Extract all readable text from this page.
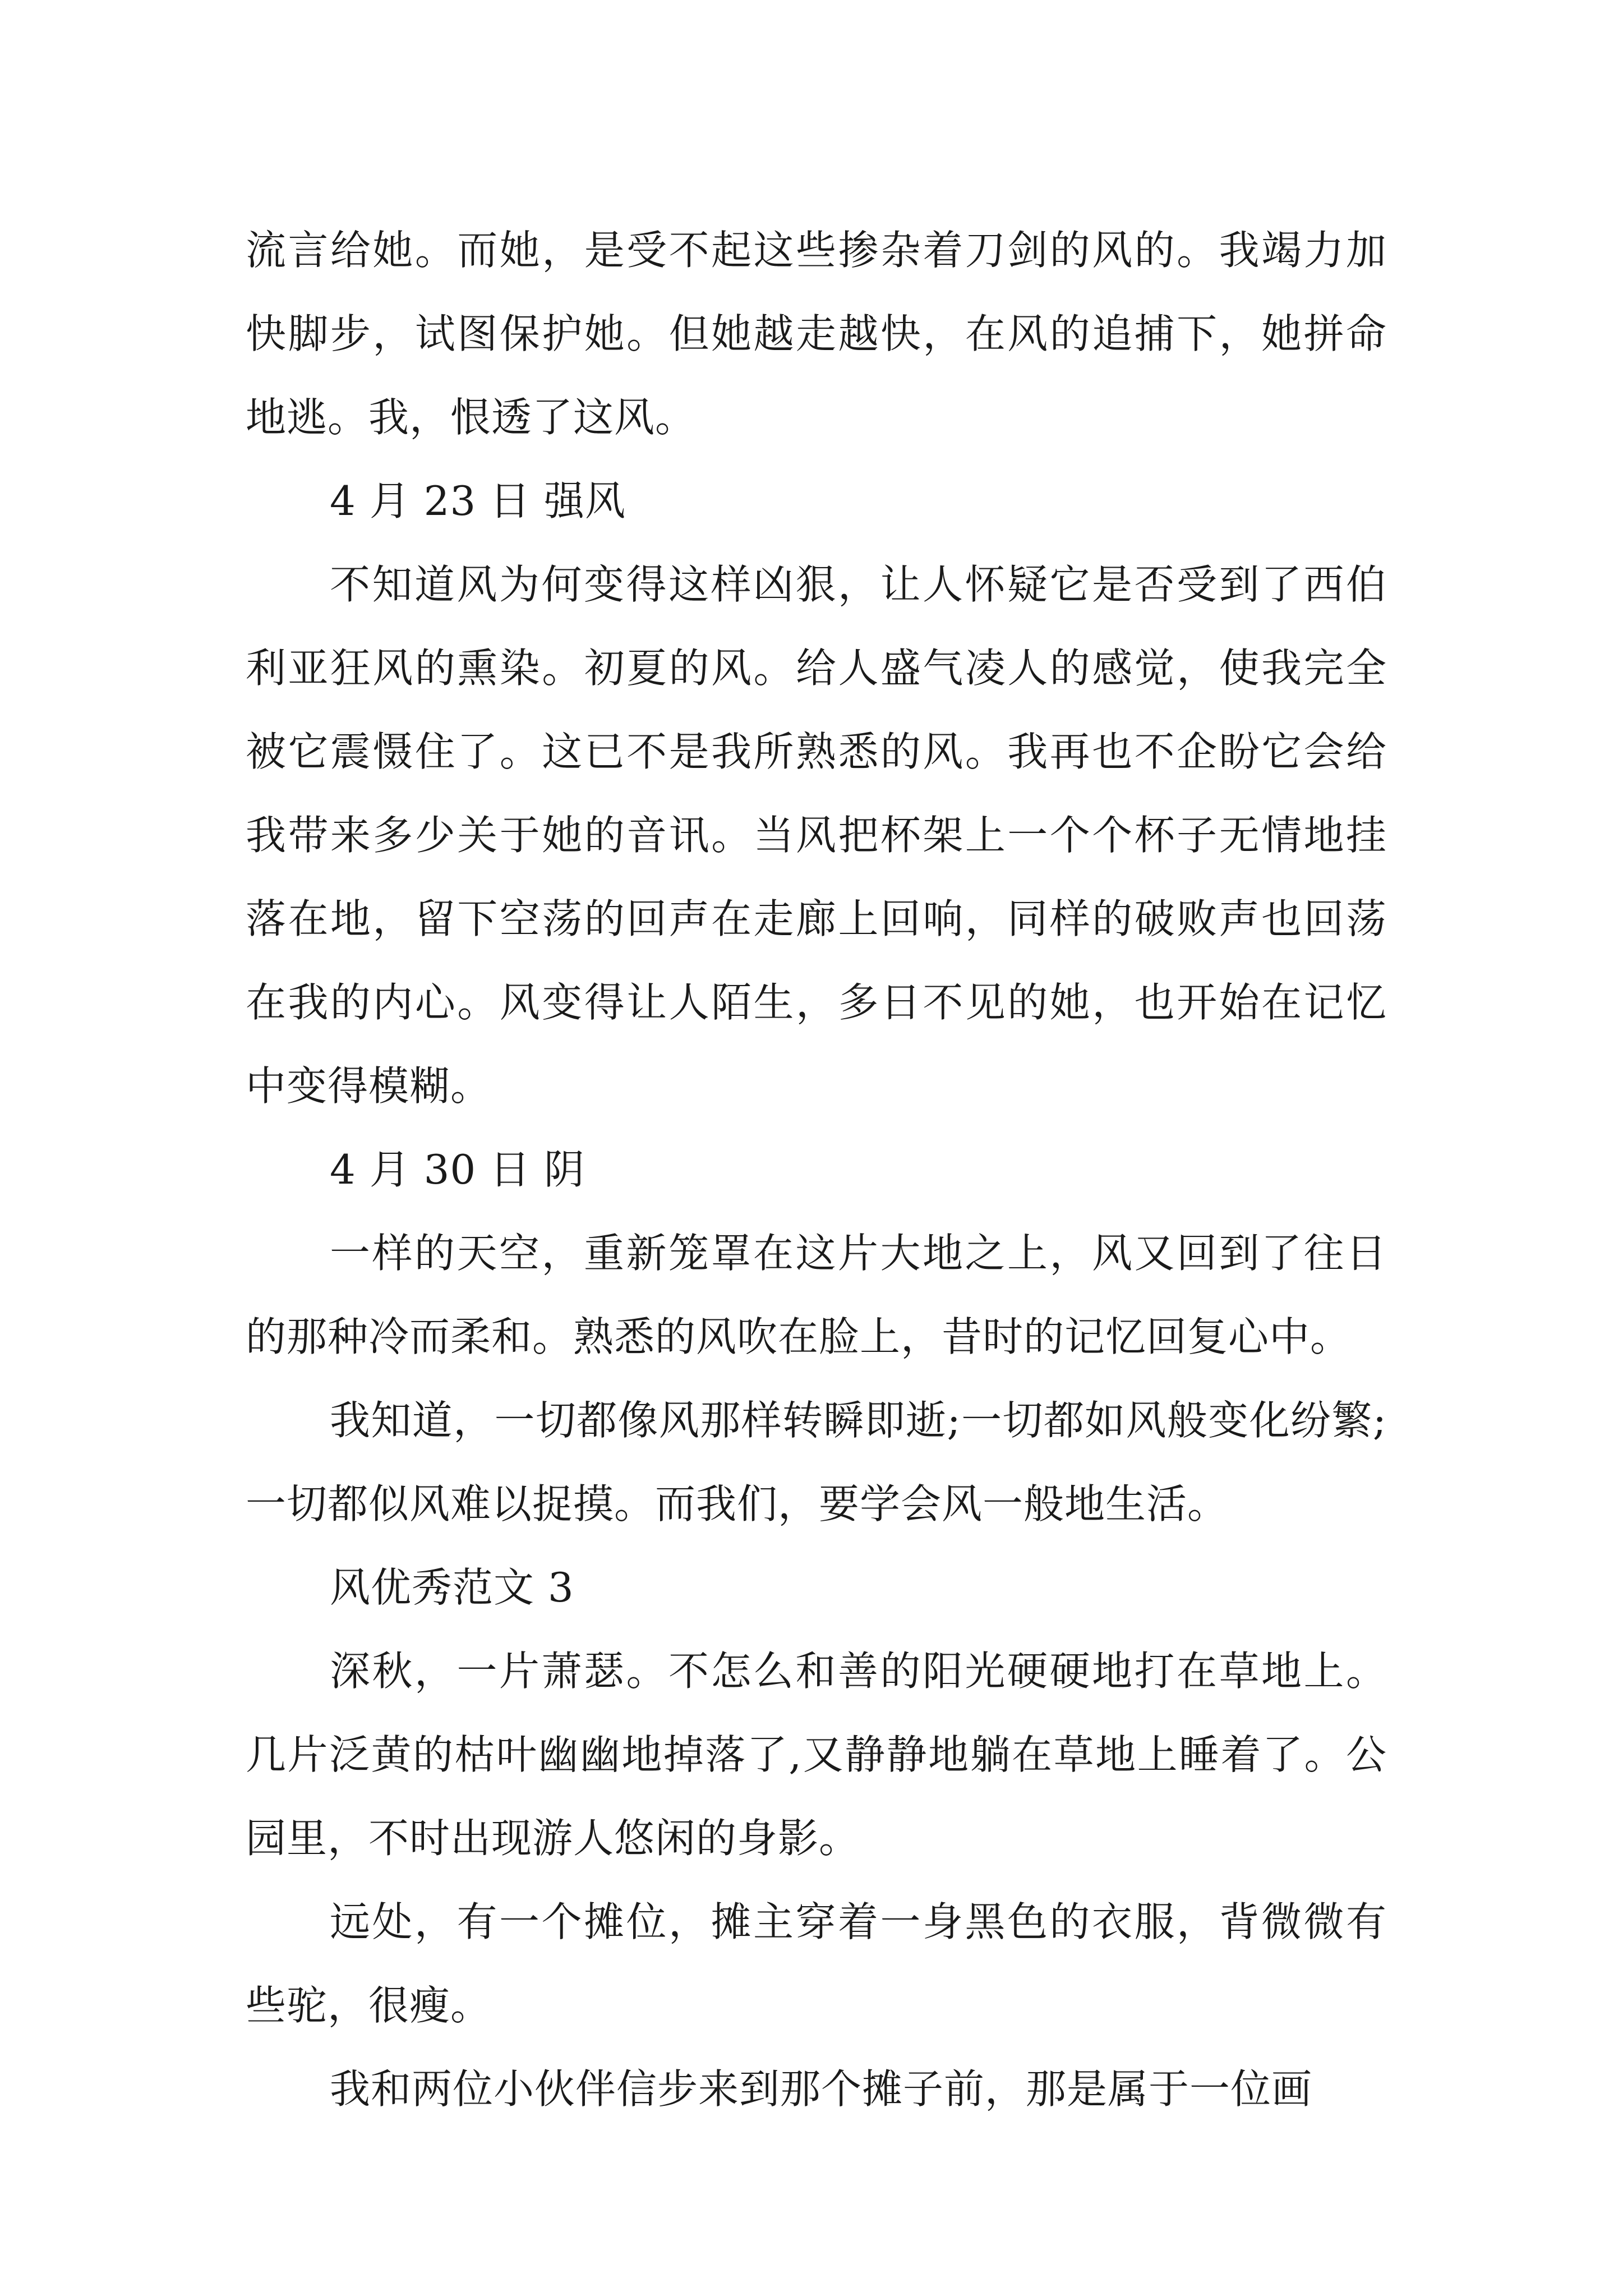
流言给她。而她，是受不起这些掺杂着刀剑的风的。我竭力加快脚步，试图保护她。但她越走越快，在风的追捕下，她拼命地逃。我，恨透了这风。

4 月 23 日 强风

不知道风为何变得这样凶狠，让人怀疑它是否受到了西伯利亚狂风的熏染。初夏的风。给人盛气凌人的感觉，使我完全被它震慑住了。这已不是我所熟悉的风。我再也不企盼它会给我带来多少关于她的音讯。当风把杯架上一个个杯子无情地挂落在地，留下空荡的回声在走廊上回响，同样的破败声也回荡在我的内心。风变得让人陌生，多日不见的她，也开始在记忆中变得模糊。

4 月 30 日 阴

一样的天空，重新笼罩在这片大地之上，风又回到了往日的那种冷而柔和。熟悉的风吹在脸上，昔时的记忆回复心中。

我知道，一切都像风那样转瞬即逝;一切都如风般变化纷繁;一切都似风难以捉摸。而我们，要学会风一般地生活。

风优秀范文 3

深秋，一片萧瑟。不怎么和善的阳光硬硬地打在草地上。几片泛黄的枯叶幽幽地掉落了,又静静地躺在草地上睡着了。公园里，不时出现游人悠闲的身影。

远处，有一个摊位，摊主穿着一身黑色的衣服，背微微有些驼，很瘦。

我和两位小伙伴信步来到那个摊子前，那是属于一位画
